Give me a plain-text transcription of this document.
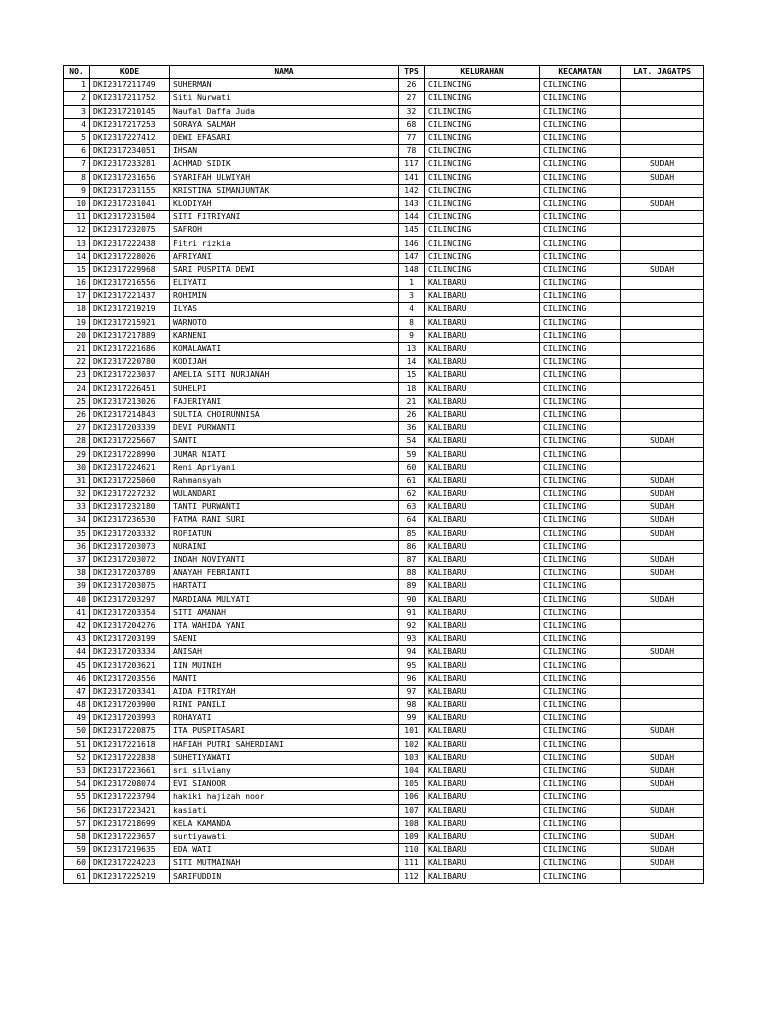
NO.	KODE	NAMA	TPS	KELURAHAN	KECAMATAN	LAT. JAGATPS
1	DKI2317211749	SUHERMAN	26	CILINCING	CILINCING	
2	DKI2317211752	Siti Nurwati	27	CILINCING	CILINCING	
3	DKI2317210145	Naufal Daffa Juda	32	CILINCING	CILINCING	
4	DKI2317217253	SORAYA SALMAH	68	CILINCING	CILINCING	
5	DKI2317227412	DEWI EFASARI	77	CILINCING	CILINCING	
6	DKI2317234051	IHSAN	78	CILINCING	CILINCING	
7	DKI2317233281	ACHMAD SIDIK	117	CILINCING	CILINCING	SUDAH
8	DKI2317231656	SYARIFAH ULWIYAH	141	CILINCING	CILINCING	SUDAH
9	DKI2317231155	KRISTINA SIMANJUNTAK	142	CILINCING	CILINCING	
10	DKI2317231041	KLODIYAH	143	CILINCING	CILINCING	SUDAH
11	DKI2317231504	SITI FITRIYANI	144	CILINCING	CILINCING	
12	DKI2317232075	SAFROH	145	CILINCING	CILINCING	
13	DKI2317222438	Fitri rizkia	146	CILINCING	CILINCING	
14	DKI2317228026	AFRIYANI	147	CILINCING	CILINCING	
15	DKI2317229968	SARI PUSPITA DEWI	148	CILINCING	CILINCING	SUDAH
16	DKI2317216556	ELIYATI	1	KALIBARU	CILINCING	
17	DKI2317221437	ROHIMIN	3	KALIBARU	CILINCING	
18	DKI2317219219	ILYAS	4	KALIBARU	CILINCING	
19	DKI2317215921	WARNOTO	8	KALIBARU	CILINCING	
20	DKI2317217889	KARNENI	9	KALIBARU	CILINCING	
21	DKI2317221686	KOMALAWATI	13	KALIBARU	CILINCING	
22	DKI2317220780	KODIJAH	14	KALIBARU	CILINCING	
23	DKI2317223037	AMELIA SITI NURJANAH	15	KALIBARU	CILINCING	
24	DKI2317226451	SUHELPI	18	KALIBARU	CILINCING	
25	DKI2317213026	FAJERIYANI	21	KALIBARU	CILINCING	
26	DKI2317214843	SULTIA CHOIRUNNISA	26	KALIBARU	CILINCING	
27	DKI2317203339	DEVI PURWANTI	36	KALIBARU	CILINCING	
28	DKI2317225667	SANTI	54	KALIBARU	CILINCING	SUDAH
29	DKI2317228990	JUMAR NIATI	59	KALIBARU	CILINCING	
30	DKI2317224621	Reni Apriyani	60	KALIBARU	CILINCING	
31	DKI2317225060	Rahmansyah	61	KALIBARU	CILINCING	SUDAH
32	DKI2317227232	WULANDARI	62	KALIBARU	CILINCING	SUDAH
33	DKI2317232180	TANTI PURWANTI	63	KALIBARU	CILINCING	SUDAH
34	DKI2317236530	FATMA RANI SURI	64	KALIBARU	CILINCING	SUDAH
35	DKI2317203332	ROFIATUN	85	KALIBARU	CILINCING	SUDAH
36	DKI2317203073	NURAINI	86	KALIBARU	CILINCING	
37	DKI2317203072	INDAH NOVIYANTI	87	KALIBARU	CILINCING	SUDAH
38	DKI2317203789	ANAYAH FEBRIANTI	88	KALIBARU	CILINCING	SUDAH
39	DKI2317203075	HARTATI	89	KALIBARU	CILINCING	
40	DKI2317203297	MARDIANA MULYATI	90	KALIBARU	CILINCING	SUDAH
41	DKI2317203354	SITI AMANAH	91	KALIBARU	CILINCING	
42	DKI2317204276	ITA WAHIDA YANI	92	KALIBARU	CILINCING	
43	DKI2317203199	SAENI	93	KALIBARU	CILINCING	
44	DKI2317203334	ANISAH	94	KALIBARU	CILINCING	SUDAH
45	DKI2317203621	IIN MUINIH	95	KALIBARU	CILINCING	
46	DKI2317203556	MANTI	96	KALIBARU	CILINCING	
47	DKI2317203341	AIDA FITRIYAH	97	KALIBARU	CILINCING	
48	DKI2317203900	RINI PANILI	98	KALIBARU	CILINCING	
49	DKI2317203993	ROHAYATI	99	KALIBARU	CILINCING	
50	DKI2317220875	ITA PUSPITASARI	101	KALIBARU	CILINCING	SUDAH
51	DKI2317221618	HAFIAH PUTRI SAHERDIANI	102	KALIBARU	CILINCING	
52	DKI2317222838	SUHETIYAWATI	103	KALIBARU	CILINCING	SUDAH
53	DKI2317223661	sri silviany	104	KALIBARU	CILINCING	SUDAH
54	DKI2317208074	EVI SIANOOR	105	KALIBARU	CILINCING	SUDAH
55	DKI2317223794	hakiki hajizah noor	106	KALIBARU	CILINCING	
56	DKI2317223421	kasiati	107	KALIBARU	CILINCING	SUDAH
57	DKI2317218699	KELA KAMANDA	108	KALIBARU	CILINCING	
58	DKI2317223657	surtiyawati	109	KALIBARU	CILINCING	SUDAH
59	DKI2317219635	EDA WATI	110	KALIBARU	CILINCING	SUDAH
60	DKI2317224223	SITI MUTMAINAH	111	KALIBARU	CILINCING	SUDAH
61	DKI2317225219	SARIFUDDIN	112	KALIBARU	CILINCING	
